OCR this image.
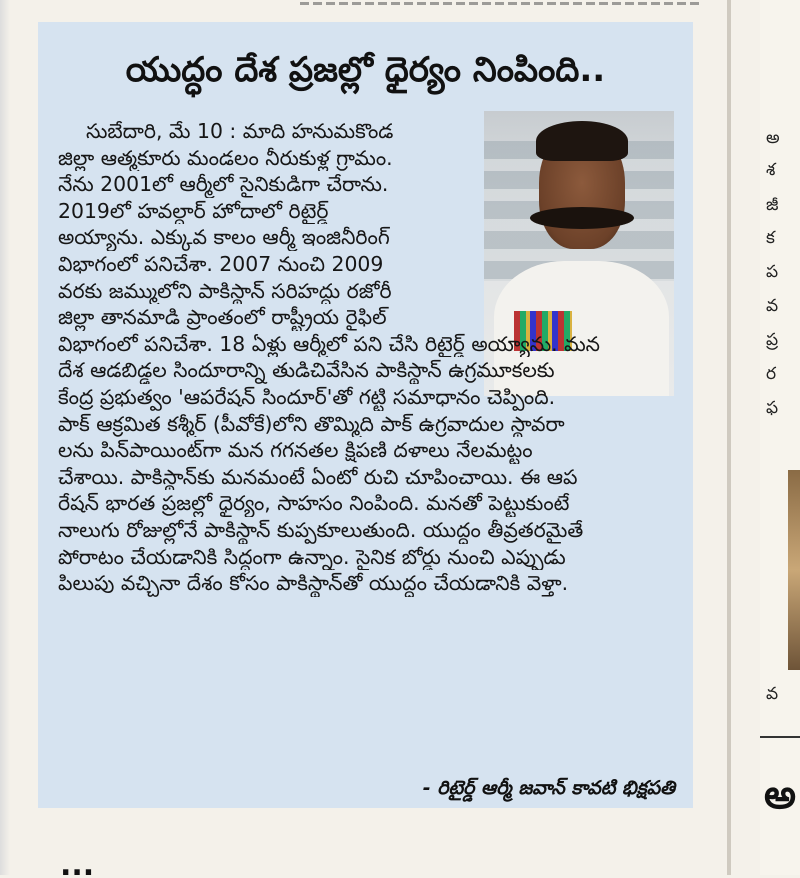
యుద్ధం దేశ ప్రజల్లో ధైర్యం నింపింది..
సుబేదారి, మే 10 : మాది హనుమకొండ
జిల్లా ఆత్మకూరు మండలం నీరుకుళ్ల గ్రామం.
నేను 2001లో ఆర్మీలో సైనికుడిగా చేరాను.
2019లో హవల్దార్ హోదాలో రిటైర్డ్
అయ్యాను. ఎక్కువ కాలం ఆర్మీ ఇంజినీరింగ్
విభాగంలో పనిచేశా. 2007 నుంచి 2009
వరకు జమ్ములోని పాకిస్థాన్ సరిహద్దు రజోరీ
జిల్లా తానమాడి ప్రాంతంలో రాష్ట్రీయ రైఫిల్
విభాగంలో పనిచేశా. 18 ఏళ్లు ఆర్మీలో పని చేసి రిటైర్డ్ అయ్యాను. మన
దేశ ఆడబిడ్డల సిందూరాన్ని తుడిచివేసిన పాకిస్థాన్ ఉగ్రమూకలకు
కేంద్ర ప్రభుత్వం 'ఆపరేషన్ సిందూర్'తో గట్టి సమాధానం చెప్పింది.
పాక్ ఆక్రమిత కశ్మీర్ (పీవోకే)లోని తొమ్మిది పాక్ ఉగ్రవాదుల స్థావరా
లను పిన్‌పాయింట్‌గా మన గగనతల క్షిపణి దళాలు నేలమట్టం
చేశాయి. పాకిస్థాన్‌కు మనమంటే ఏంటో రుచి చూపించాయి. ఈ ఆప
రేషన్ భారత ప్రజల్లో ధైర్యం, సాహసం నింపింది. మనతో పెట్టుకుంటే
నాలుగు రోజుల్లోనే పాకిస్థాన్ కుప్పకూలుతుంది. యుద్ధం తీవ్రతరమైతే
పోరాటం చేయడానికి సిద్ధంగా ఉన్నాం. సైనిక బోర్డు నుంచి ఎప్పుడు
పిలుపు వచ్చినా దేశం కోసం పాకిస్థాన్‌తో యుద్ధం చేయడానికి వెళ్తా.
- రిటైర్డ్ ఆర్మీ జవాన్ కావటి భిక్షపతి
...
అ
శ
జీ
క
ప
వ
ప్ర
ర
ఫ
వ
అ
